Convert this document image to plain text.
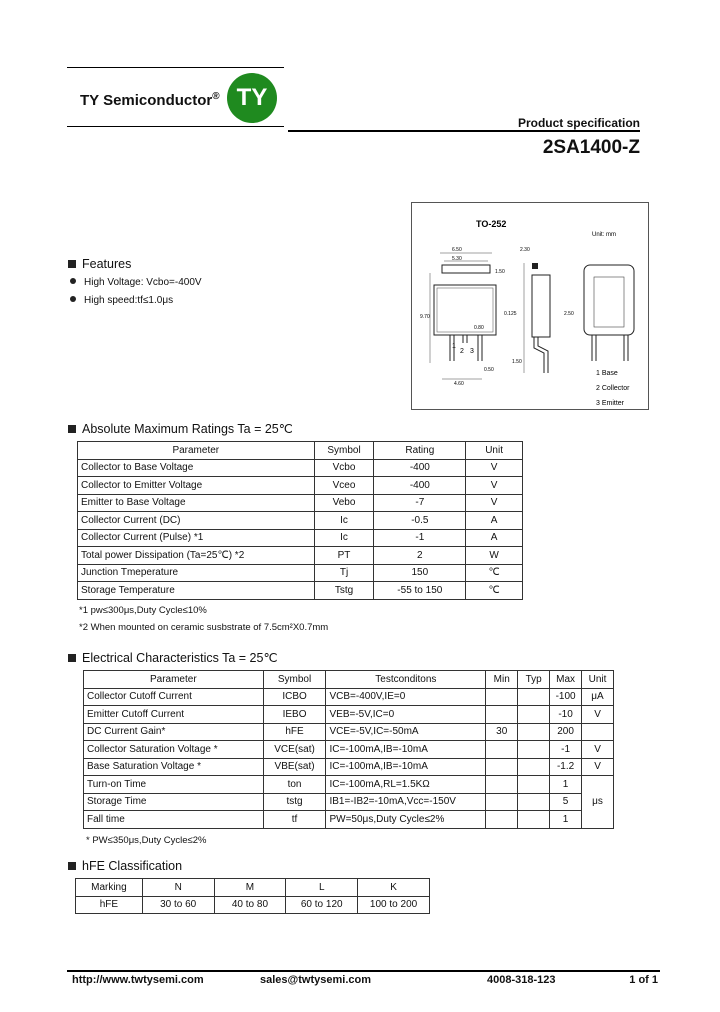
TY Semiconductor® TY
Product specification
2SA1400-Z
TO-252
Unit: mm
1
2 3
6.50
5.30
2.30
1.50
9.70	0.125
0.80
4.60
0.50
2.50
1.50
1 Base
2 Collector
3 Emitter
Features
High Voltage: Vcbo=-400V
High speed:tf≤1.0μs
Absolute Maximum Ratings Ta = 25℃
Parameter	Symbol	Rating	Unit
Collector to Base Voltage	Vcbo	-400	V
Collector to Emitter Voltage	Vceo	-400	V
Emitter to Base Voltage	Vebo	-7	V
Collector Current (DC)	Ic	-0.5	A
Collector Current (Pulse) *1	Ic	-1	A
Total power Dissipation (Ta=25℃) *2	PT	2	W
Junction Tmeperature	Tj	150	℃
Storage Temperature	Tstg	-55 to 150	℃
*1 pw≤300μs,Duty Cycle≤10%
*2 When mounted on ceramic susbstrate of 7.5cm²X0.7mm
Electrical Characteristics Ta = 25℃
Parameter	Symbol	Testconditons	Min	Typ	Max	Unit
Collector Cutoff Current	ICBO	VCB=-400V,IE=0			-100	μA
Emitter Cutoff Current	IEBO	VEB=-5V,IC=0			-10	V
DC Current Gain*	hFE	VCE=-5V,IC=-50mA	30		200	
Collector Saturation Voltage *	VCE(sat)	IC=-100mA,IB=-10mA			-1	V
Base Saturation Voltage *	VBE(sat)	IC=-100mA,IB=-10mA			-1.2	V
Turn-on Time	ton	IC=-100mA,RL=1.5KΩ			1	μs
Storage Time	tstg	IB1=-IB2=-10mA,Vcc=-150V			5	
Fall time	tf	PW=50μs,Duty Cycle≤2%			1	
* PW≤350μs,Duty Cycle≤2%
hFE Classification
Marking	N	M	L	K
hFE	30 to 60	40 to 80	60 to 120	100 to 200
http://www.twtysemi.com	sales@twtysemi.com	4008-318-123	1 of 1
